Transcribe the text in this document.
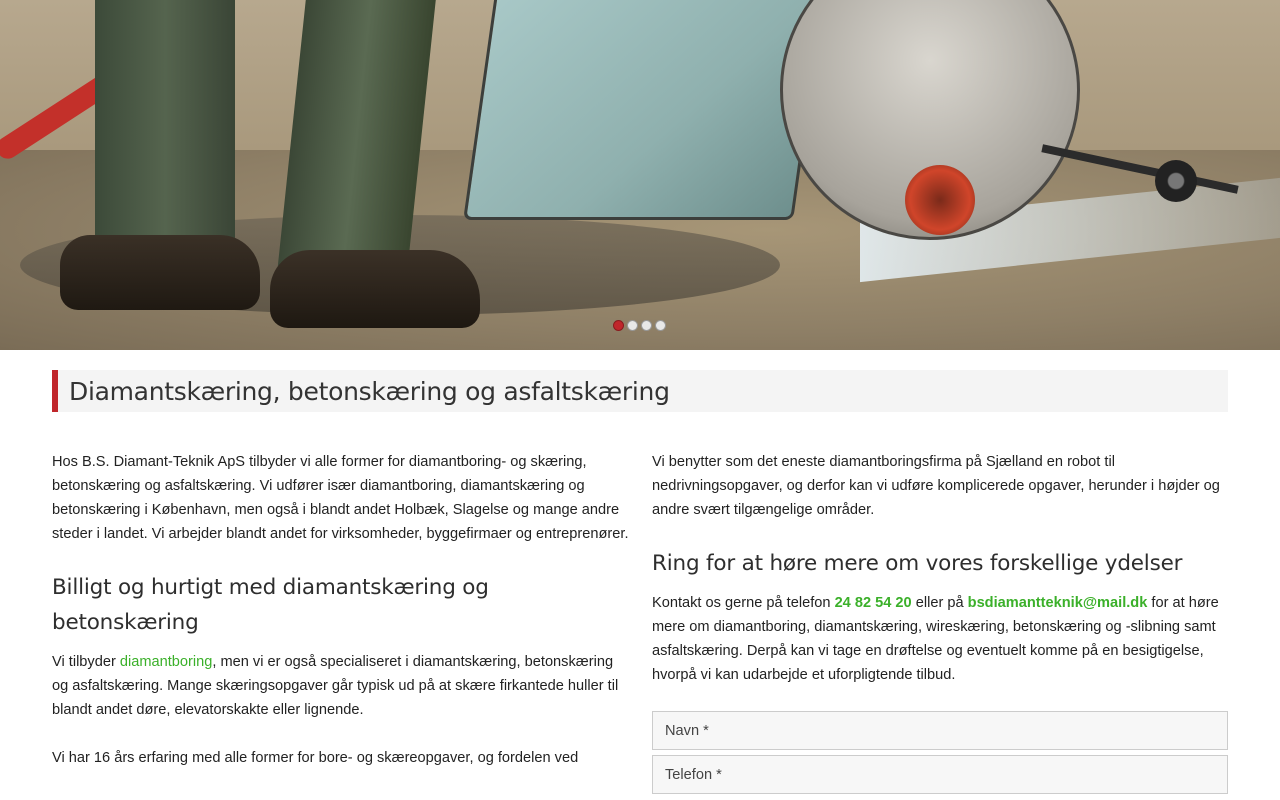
Diamantskæring, betonskæring og asfaltskæring

Hos B.S. Diamant-Teknik ApS tilbyder vi alle former for diamantboring- og skæring, betonskæring og asfaltskæring. Vi udfører især diamantboring, diamantskæring og betonskæring i København, men også i blandt andet Holbæk, Slagelse og mange andre steder i landet. Vi arbejder blandt andet for virksomheder, byggefirmaer og entreprenører.

Billigt og hurtigt med diamantskæring og betonskæring

Vi tilbyder diamantboring, men vi er også specialiseret i diamantskæring, betonskæring og asfaltskæring. Mange skæringsopgaver går typisk ud på at skære firkantede huller til blandt andet døre, elevatorskakte eller lignende.

Vi har 16 års erfaring med alle former for bore- og skæreopgaver, og fordelen ved

Vi benytter som det eneste diamantboringsfirma på Sjælland en robot til nedrivningsopgaver, og derfor kan vi udføre komplicerede opgaver, herunder i højder og andre svært tilgængelige områder.

Ring for at høre mere om vores forskellige ydelser

Kontakt os gerne på telefon 24 82 54 20 eller på bsdiamantteknik@mail.dk for at høre mere om diamantboring, diamantskæring, wireskæring, betonskæring og -slibning samt asfaltskæring. Derpå kan vi tage en drøftelse og eventuelt komme på en besigtigelse, hvorpå vi kan udarbejde et uforpligtende tilbud.

Navn *
Telefon *
